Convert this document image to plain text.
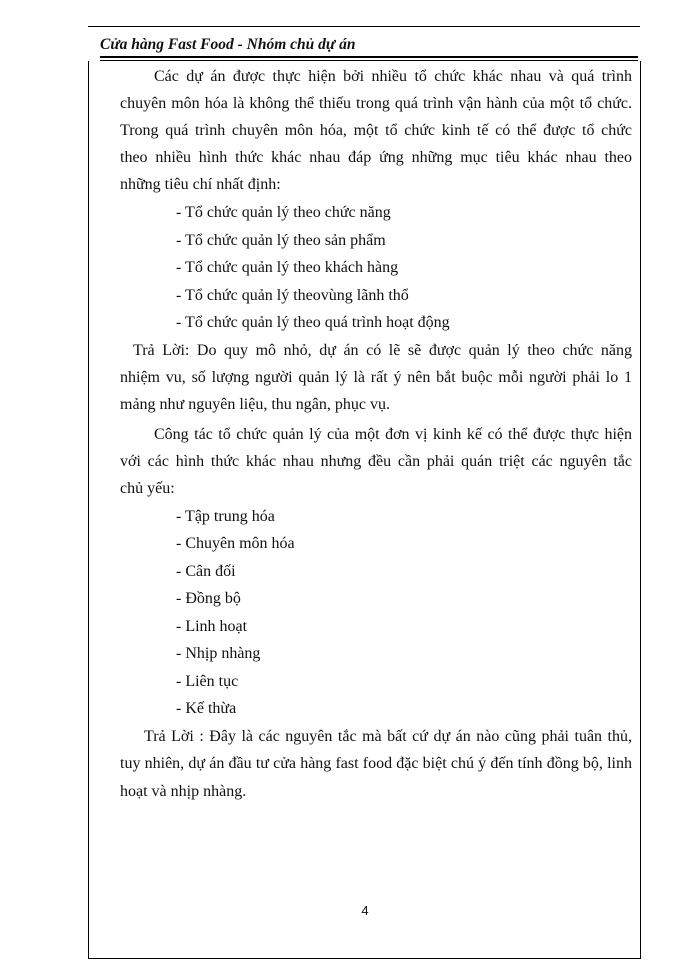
Cửa hàng Fast Food - Nhóm chủ dự án
Các dự án được thực hiện bởi nhiều tổ chức khác nhau và quá trình
chuyên môn hóa là không thể thiếu trong quá trình vận hành của một tổ chức.
Trong quá trình chuyên môn hóa, một tổ chức kinh tế có thể được tổ chức
theo nhiều hình thức khác nhau đáp ứng những mục tiêu khác nhau theo
những tiêu chí nhất định:
- Tổ chức quản lý theo chức năng
- Tổ chức quản lý theo sản phẩm
- Tổ chức quản lý theo khách hàng
- Tổ chức quản lý theovùng lãnh thổ
- Tổ chức quản lý theo quá trình hoạt động
Trả Lời: Do quy mô nhỏ, dự án có lẽ sẽ được quản lý theo chức năng
nhiệm vu, số lượng người quản lý là rất ý nên bắt buộc mỗi người phải lo 1
mảng như nguyên liệu, thu ngân, phục vụ.
Công tác tổ chức quản lý của một đơn vị kinh kế có thể được thực hiện
với các hình thức khác nhau nhưng đều cần phải quán triệt các nguyên tắc
chủ yếu:
- Tập trung hóa
- Chuyên môn hóa
- Cân đối
- Đồng bộ
- Linh hoạt
- Nhịp nhàng
- Liên tục
- Kế thừa
Trả Lời : Đây là các nguyên tắc mà bất cứ dự án nào cũng phải tuân thủ,
tuy nhiên, dự án đầu tư cửa hàng fast food đặc biệt chú ý đến tính đồng bộ, linh
hoạt và nhịp nhàng.
4
